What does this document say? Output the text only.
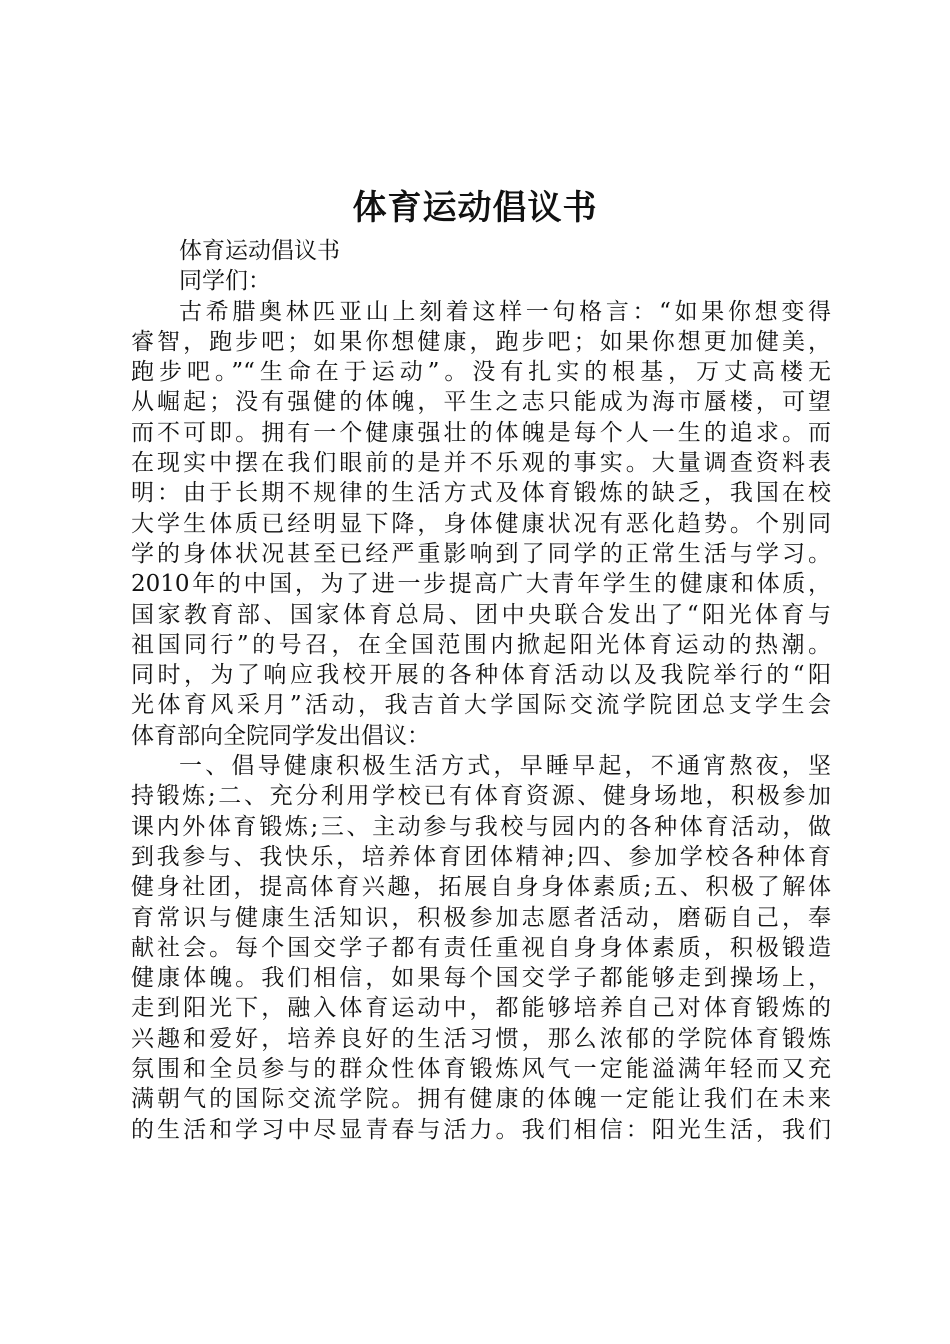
体育运动倡议书
体育运动倡议书
同学们：
古希腊奥林匹亚山上刻着这样一句格言：“如果你想变得
睿智，跑步吧；如果你想健康，跑步吧；如果你想更加健美，
跑步吧。”“生命在于运动”。没有扎实的根基，万丈高楼无
从崛起；没有强健的体魄，平生之志只能成为海市蜃楼，可望
而不可即。拥有一个健康强壮的体魄是每个人一生的追求。而
在现实中摆在我们眼前的是并不乐观的事实。大量调查资料表
明：由于长期不规律的生活方式及体育锻炼的缺乏，我国在校
大学生体质已经明显下降，身体健康状况有恶化趋势。个别同
学的身体状况甚至已经严重影响到了同学的正常生活与学习。
2010年的中国，为了进一步提高广大青年学生的健康和体质，
国家教育部、国家体育总局、团中央联合发出了“阳光体育与
祖国同行”的号召，在全国范围内掀起阳光体育运动的热潮。
同时，为了响应我校开展的各种体育活动以及我院举行的“阳
光体育风采月”活动，我吉首大学国际交流学院团总支学生会
体育部向全院同学发出倡议：
一、倡导健康积极生活方式，早睡早起，不通宵熬夜，坚
持锻炼;二、充分利用学校已有体育资源、健身场地，积极参加
课内外体育锻炼;三、主动参与我校与园内的各种体育活动，做
到我参与、我快乐，培养体育团体精神;四、参加学校各种体育
健身社团，提高体育兴趣，拓展自身身体素质;五、积极了解体
育常识与健康生活知识，积极参加志愿者活动，磨砺自己，奉
献社会。每个国交学子都有责任重视自身身体素质，积极锻造
健康体魄。我们相信，如果每个国交学子都能够走到操场上，
走到阳光下，融入体育运动中，都能够培养自己对体育锻炼的
兴趣和爱好，培养良好的生活习惯，那么浓郁的学院体育锻炼
氛围和全员参与的群众性体育锻炼风气一定能溢满年轻而又充
满朝气的国际交流学院。拥有健康的体魄一定能让我们在未来
的生活和学习中尽显青春与活力。我们相信：阳光生活，我们
